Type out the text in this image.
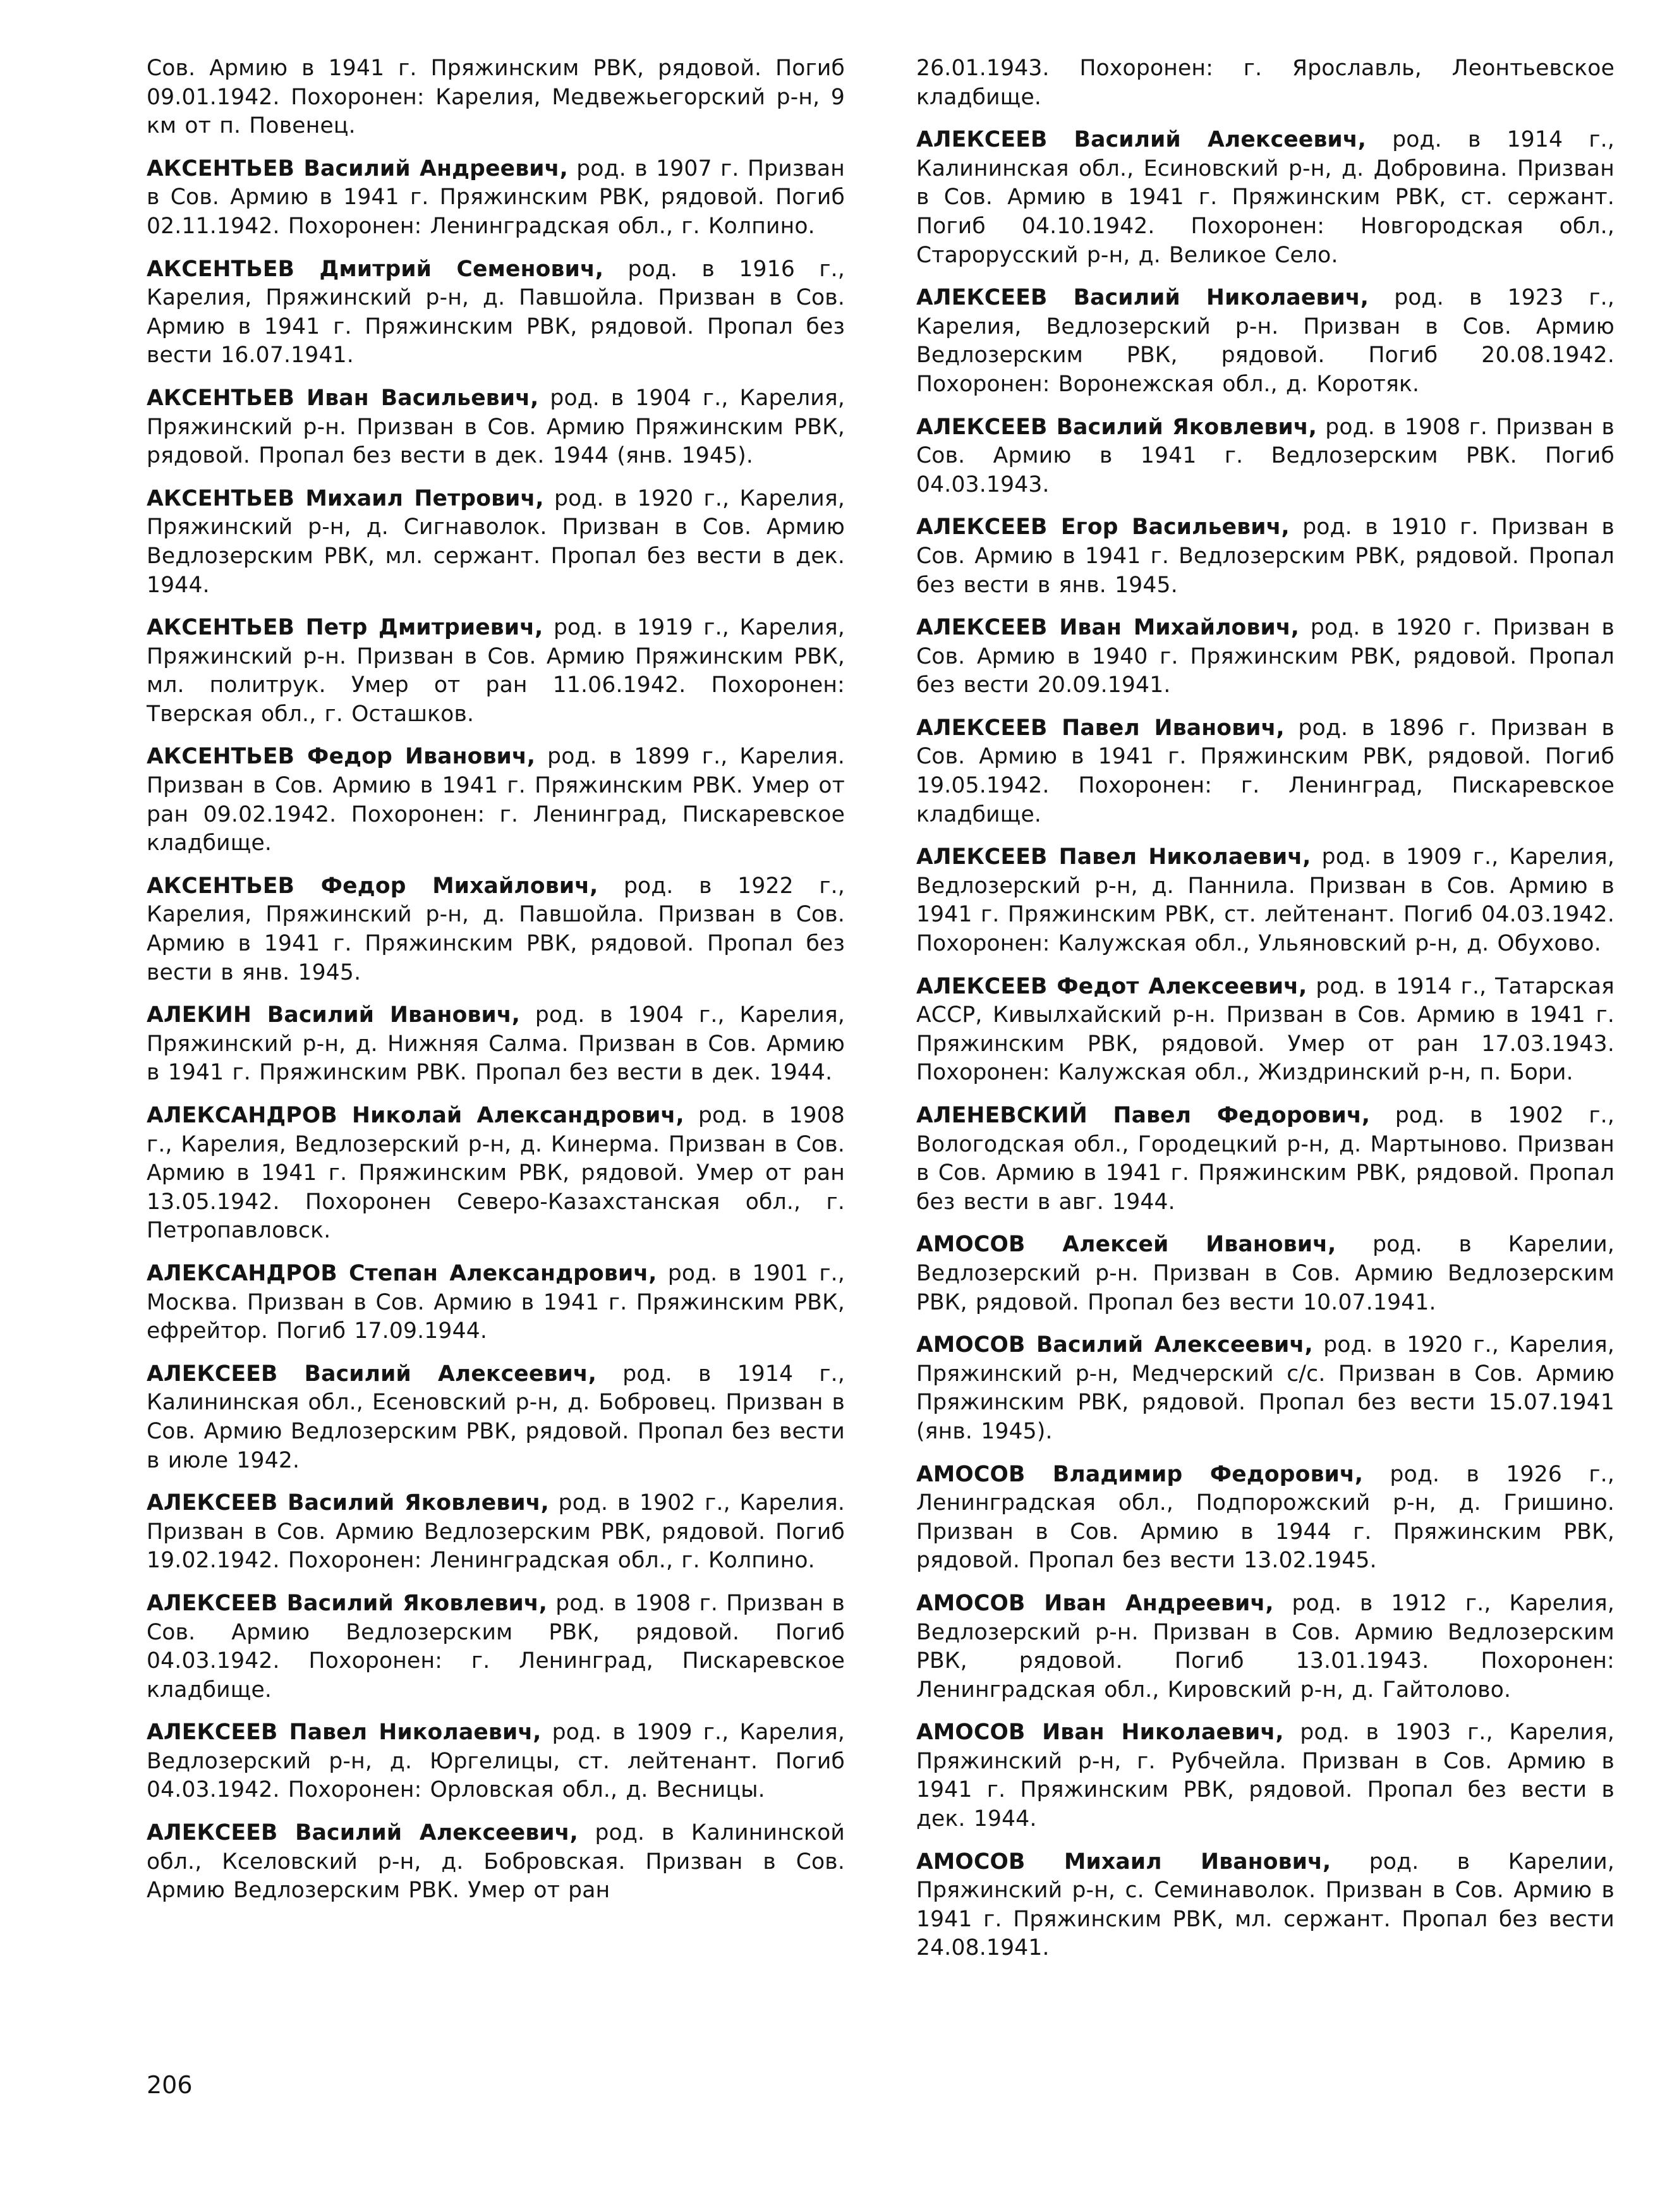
Сов. Армию в 1941 г. Пряжинским РВК, рядовой. Погиб 09.01.1942. Похоронен: Карелия, Медвежьегорский р-н, 9 км от п. Повенец.

АКСЕНТЬЕВ Василий Андреевич, род. в 1907 г. Призван в Сов. Армию в 1941 г. Пряжинским РВК, рядовой. Погиб 02.11.1942. Похоронен: Ленинградская обл., г. Колпино.

АКСЕНТЬЕВ Дмитрий Семенович, род. в 1916 г., Карелия, Пряжинский р-н, д. Павшойла. Призван в Сов. Армию в 1941 г. Пряжинским РВК, рядовой. Пропал без вести 16.07.1941.

АКСЕНТЬЕВ Иван Васильевич, род. в 1904 г., Карелия, Пряжинский р-н. Призван в Сов. Армию Пряжинским РВК, рядовой. Пропал без вести в дек. 1944 (янв. 1945).

АКСЕНТЬЕВ Михаил Петрович, род. в 1920 г., Карелия, Пряжинский р-н, д. Сигнаволок. Призван в Сов. Армию Ведлозерским РВК, мл. сержант. Пропал без вести в дек. 1944.

АКСЕНТЬЕВ Петр Дмитриевич, род. в 1919 г., Карелия, Пряжинский р-н. Призван в Сов. Армию Пряжинским РВК, мл. политрук. Умер от ран 11.06.1942. Похоронен: Тверская обл., г. Осташков.

АКСЕНТЬЕВ Федор Иванович, род. в 1899 г., Карелия. Призван в Сов. Армию в 1941 г. Пряжинским РВК. Умер от ран 09.02.1942. Похоронен: г. Ленинград, Пискаревское кладбище.

АКСЕНТЬЕВ Федор Михайлович, род. в 1922 г., Карелия, Пряжинский р-н, д. Павшойла. Призван в Сов. Армию в 1941 г. Пряжинским РВК, рядовой. Пропал без вести в янв. 1945.

АЛЕКИН Василий Иванович, род. в 1904 г., Карелия, Пряжинский р-н, д. Нижняя Салма. Призван в Сов. Армию в 1941 г. Пряжинским РВК. Пропал без вести в дек. 1944.

АЛЕКСАНДРОВ Николай Александрович, род. в 1908 г., Карелия, Ведлозерский р-н, д. Кинерма. Призван в Сов. Армию в 1941 г. Пряжинским РВК, рядовой. Умер от ран 13.05.1942. Похоронен Северо-Казахстанская обл., г. Петропавловск.

АЛЕКСАНДРОВ Степан Александрович, род. в 1901 г., Москва. Призван в Сов. Армию в 1941 г. Пряжинским РВК, ефрейтор. Погиб 17.09.1944.

АЛЕКСЕЕВ Василий Алексеевич, род. в 1914 г., Калининская обл., Есеновский р-н, д. Бобровец. Призван в Сов. Армию Ведлозерским РВК, рядовой. Пропал без вести в июле 1942.

АЛЕКСЕЕВ Василий Яковлевич, род. в 1902 г., Карелия. Призван в Сов. Армию Ведлозерским РВК, рядовой. Погиб 19.02.1942. Похоронен: Ленинградская обл., г. Колпино.

АЛЕКСЕЕВ Василий Яковлевич, род. в 1908 г. Призван в Сов. Армию Ведлозерским РВК, рядовой. Погиб 04.03.1942. Похоронен: г. Ленинград, Пискаревское кладбище.

АЛЕКСЕЕВ Павел Николаевич, род. в 1909 г., Карелия, Ведлозерский р-н, д. Юргелицы, ст. лейтенант. Погиб 04.03.1942. Похоронен: Орловская обл., д. Весницы.

АЛЕКСЕЕВ Василий Алексеевич, род. в Калининской обл., Кселовский р-н, д. Бобровская. Призван в Сов. Армию Ведлозерским РВК. Умер от ран

26.01.1943. Похоронен: г. Ярославль, Леонтьевское кладбище.

АЛЕКСЕЕВ Василий Алексеевич, род. в 1914 г., Калининская обл., Есиновский р-н, д. Добровина. Призван в Сов. Армию в 1941 г. Пряжинским РВК, ст. сержант. Погиб 04.10.1942. Похоронен: Новгородская обл., Старорусский р-н, д. Великое Село.

АЛЕКСЕЕВ Василий Николаевич, род. в 1923 г., Карелия, Ведлозерский р-н. Призван в Сов. Армию Ведлозерским РВК, рядовой. Погиб 20.08.1942. Похоронен: Воронежская обл., д. Коротяк.

АЛЕКСЕЕВ Василий Яковлевич, род. в 1908 г. Призван в Сов. Армию в 1941 г. Ведлозерским РВК. Погиб 04.03.1943.

АЛЕКСЕЕВ Егор Васильевич, род. в 1910 г. Призван в Сов. Армию в 1941 г. Ведлозерским РВК, рядовой. Пропал без вести в янв. 1945.

АЛЕКСЕЕВ Иван Михайлович, род. в 1920 г. Призван в Сов. Армию в 1940 г. Пряжинским РВК, рядовой. Пропал без вести 20.09.1941.

АЛЕКСЕЕВ Павел Иванович, род. в 1896 г. Призван в Сов. Армию в 1941 г. Пряжинским РВК, рядовой. Погиб 19.05.1942. Похоронен: г. Ленинград, Пискаревское кладбище.

АЛЕКСЕЕВ Павел Николаевич, род. в 1909 г., Карелия, Ведлозерский р-н, д. Паннила. Призван в Сов. Армию в 1941 г. Пряжинским РВК, ст. лейтенант. Погиб 04.03.1942. Похоронен: Калужская обл., Ульяновский р-н, д. Обухово.

АЛЕКСЕЕВ Федот Алексеевич, род. в 1914 г., Татарская АССР, Кивылхайский р-н. Призван в Сов. Армию в 1941 г. Пряжинским РВК, рядовой. Умер от ран 17.03.1943. Похоронен: Калужская обл., Жиздринский р-н, п. Бори.

АЛЕНЕВСКИЙ Павел Федорович, род. в 1902 г., Вологодская обл., Городецкий р-н, д. Мартыново. Призван в Сов. Армию в 1941 г. Пряжинским РВК, рядовой. Пропал без вести в авг. 1944.

АМОСОВ Алексей Иванович, род. в Карелии, Ведлозерский р-н. Призван в Сов. Армию Ведлозерским РВК, рядовой. Пропал без вести 10.07.1941.

АМОСОВ Василий Алексеевич, род. в 1920 г., Карелия, Пряжинский р-н, Медчерский с/с. Призван в Сов. Армию Пряжинским РВК, рядовой. Пропал без вести 15.07.1941 (янв. 1945).

АМОСОВ Владимир Федорович, род. в 1926 г., Ленинградская обл., Подпорожский р-н, д. Гришино. Призван в Сов. Армию в 1944 г. Пряжинским РВК, рядовой. Пропал без вести 13.02.1945.

АМОСОВ Иван Андреевич, род. в 1912 г., Карелия, Ведлозерский р-н. Призван в Сов. Армию Ведлозерским РВК, рядовой. Погиб 13.01.1943. Похоронен: Ленинградская обл., Кировский р-н, д. Гайтолово.

АМОСОВ Иван Николаевич, род. в 1903 г., Карелия, Пряжинский р-н, г. Рубчейла. Призван в Сов. Армию в 1941 г. Пряжинским РВК, рядовой. Пропал без вести в дек. 1944.

АМОСОВ Михаил Иванович, род. в Карелии, Пряжинский р-н, с. Семинаволок. Призван в Сов. Армию в 1941 г. Пряжинским РВК, мл. сержант. Пропал без вести 24.08.1941.

206
